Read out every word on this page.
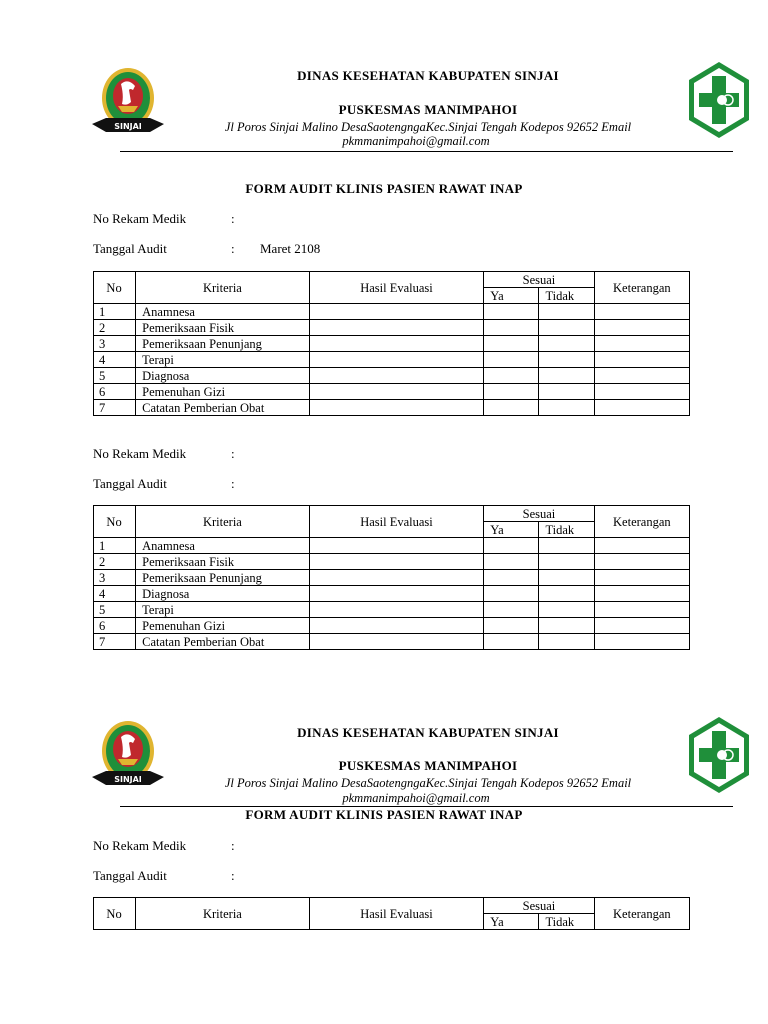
SINJAI
DINAS KESEHATAN KABUPATEN SINJAI
PUSKESMAS MANIMPAHOI
Jl Poros Sinjai Malino DesaSaotengngaKec.Sinjai Tengah Kodepos 92652 Email
pkmmanimpahoi@gmail.com
FORM AUDIT KLINIS PASIEN RAWAT INAP
No Rekam Medik	:
Tanggal Audit	: Maret 2108
No	Kriteria	Hasil Evaluasi	Sesuai		Keterangan
			Ya	Tidak	
1	Anamnesa				
2	Pemeriksaan Fisik				
3	Pemeriksaan Penunjang				
4	Terapi				
5	Diagnosa				
6	Pemenuhan Gizi				
7	Catatan Pemberian Obat				
No Rekam Medik	:
Tanggal Audit	:
No	Kriteria	Hasil Evaluasi	Sesuai		Keterangan
			Ya	Tidak	
1	Anamnesa				
2	Pemeriksaan Fisik				
3	Pemeriksaan Penunjang				
4	Diagnosa				
5	Terapi				
6	Pemenuhan Gizi				
7	Catatan Pemberian Obat				
SINJAI
DINAS KESEHATAN KABUPATEN SINJAI
PUSKESMAS MANIMPAHOI
Jl Poros Sinjai Malino DesaSaotengngaKec.Sinjai Tengah Kodepos 92652 Email
pkmmanimpahoi@gmail.com
FORM AUDIT KLINIS PASIEN RAWAT INAP
No Rekam Medik	:
Tanggal Audit	:
No	Kriteria	Hasil Evaluasi	Sesuai		Keterangan
			Ya	Tidak	
